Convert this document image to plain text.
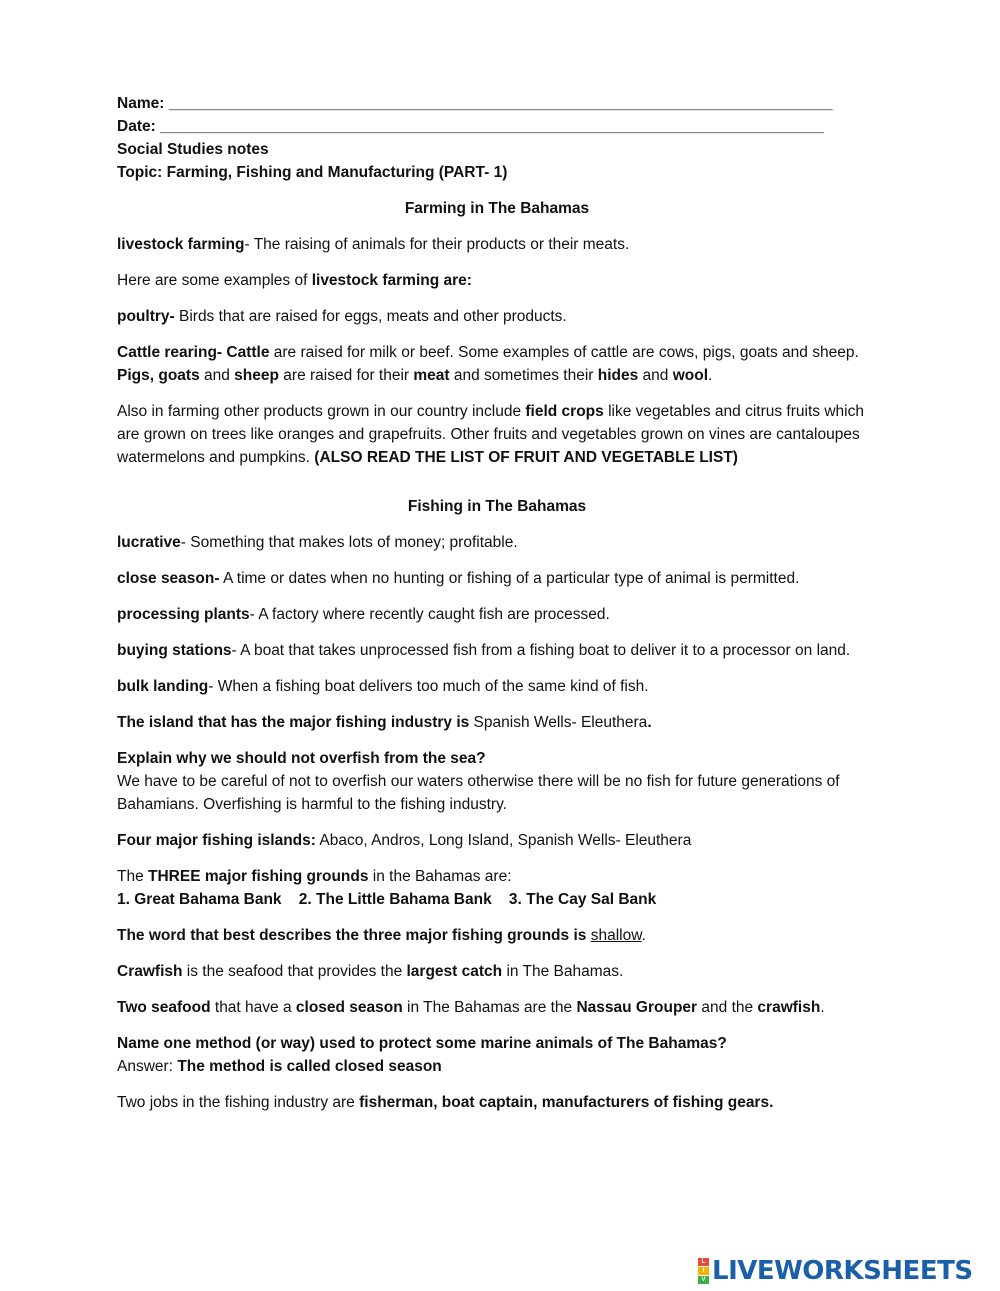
Name: _____________________________________________________________________________

Date: _____________________________________________________________________________

Social Studies notes

Topic: Farming, Fishing and Manufacturing (PART- 1)

Farming in The Bahamas

livestock farming- The raising of animals for their products or their meats.

Here are some examples of livestock farming are:

poultry- Birds that are raised for eggs, meats and other products.

Cattle rearing- Cattle are raised for milk or beef. Some examples of cattle are cows, pigs, goats and sheep. Pigs, goats and sheep are raised for their meat and sometimes their hides and wool.

Also in farming other products grown in our country include field crops like vegetables and citrus fruits which are grown on trees like oranges and grapefruits. Other fruits and vegetables grown on vines are cantaloupes watermelons and pumpkins. (ALSO READ THE LIST OF FRUIT AND VEGETABLE LIST)

Fishing in The Bahamas

lucrative- Something that makes lots of money; profitable.

close season- A time or dates when no hunting or fishing of a particular type of animal is permitted.

processing plants- A factory where recently caught fish are processed.

buying stations- A boat that takes unprocessed fish from a fishing boat to deliver it to a processor on land.

bulk landing- When a fishing boat delivers too much of the same kind of fish.

The island that has the major fishing industry is Spanish Wells- Eleuthera.

Explain why we should not overfish from the sea?

We have to be careful of not to overfish our waters otherwise there will be no fish for future generations of Bahamians. Overfishing is harmful to the fishing industry.

Four major fishing islands: Abaco, Andros, Long Island, Spanish Wells- Eleuthera

The THREE major fishing grounds in the Bahamas are:

1. Great Bahama Bank    2. The Little Bahama Bank    3. The Cay Sal Bank

The word that best describes the three major fishing grounds is shallow.

Crawfish is the seafood that provides the largest catch in The Bahamas.

Two seafood that have a closed season in The Bahamas are the Nassau Grouper and the crawfish.

Name one method (or way) used to protect some marine animals of The Bahamas?

Answer: The method is called closed season

Two jobs in the fishing industry are fisherman, boat captain, manufacturers of fishing gears.

L
I
V LIVEWORKSHEETS
